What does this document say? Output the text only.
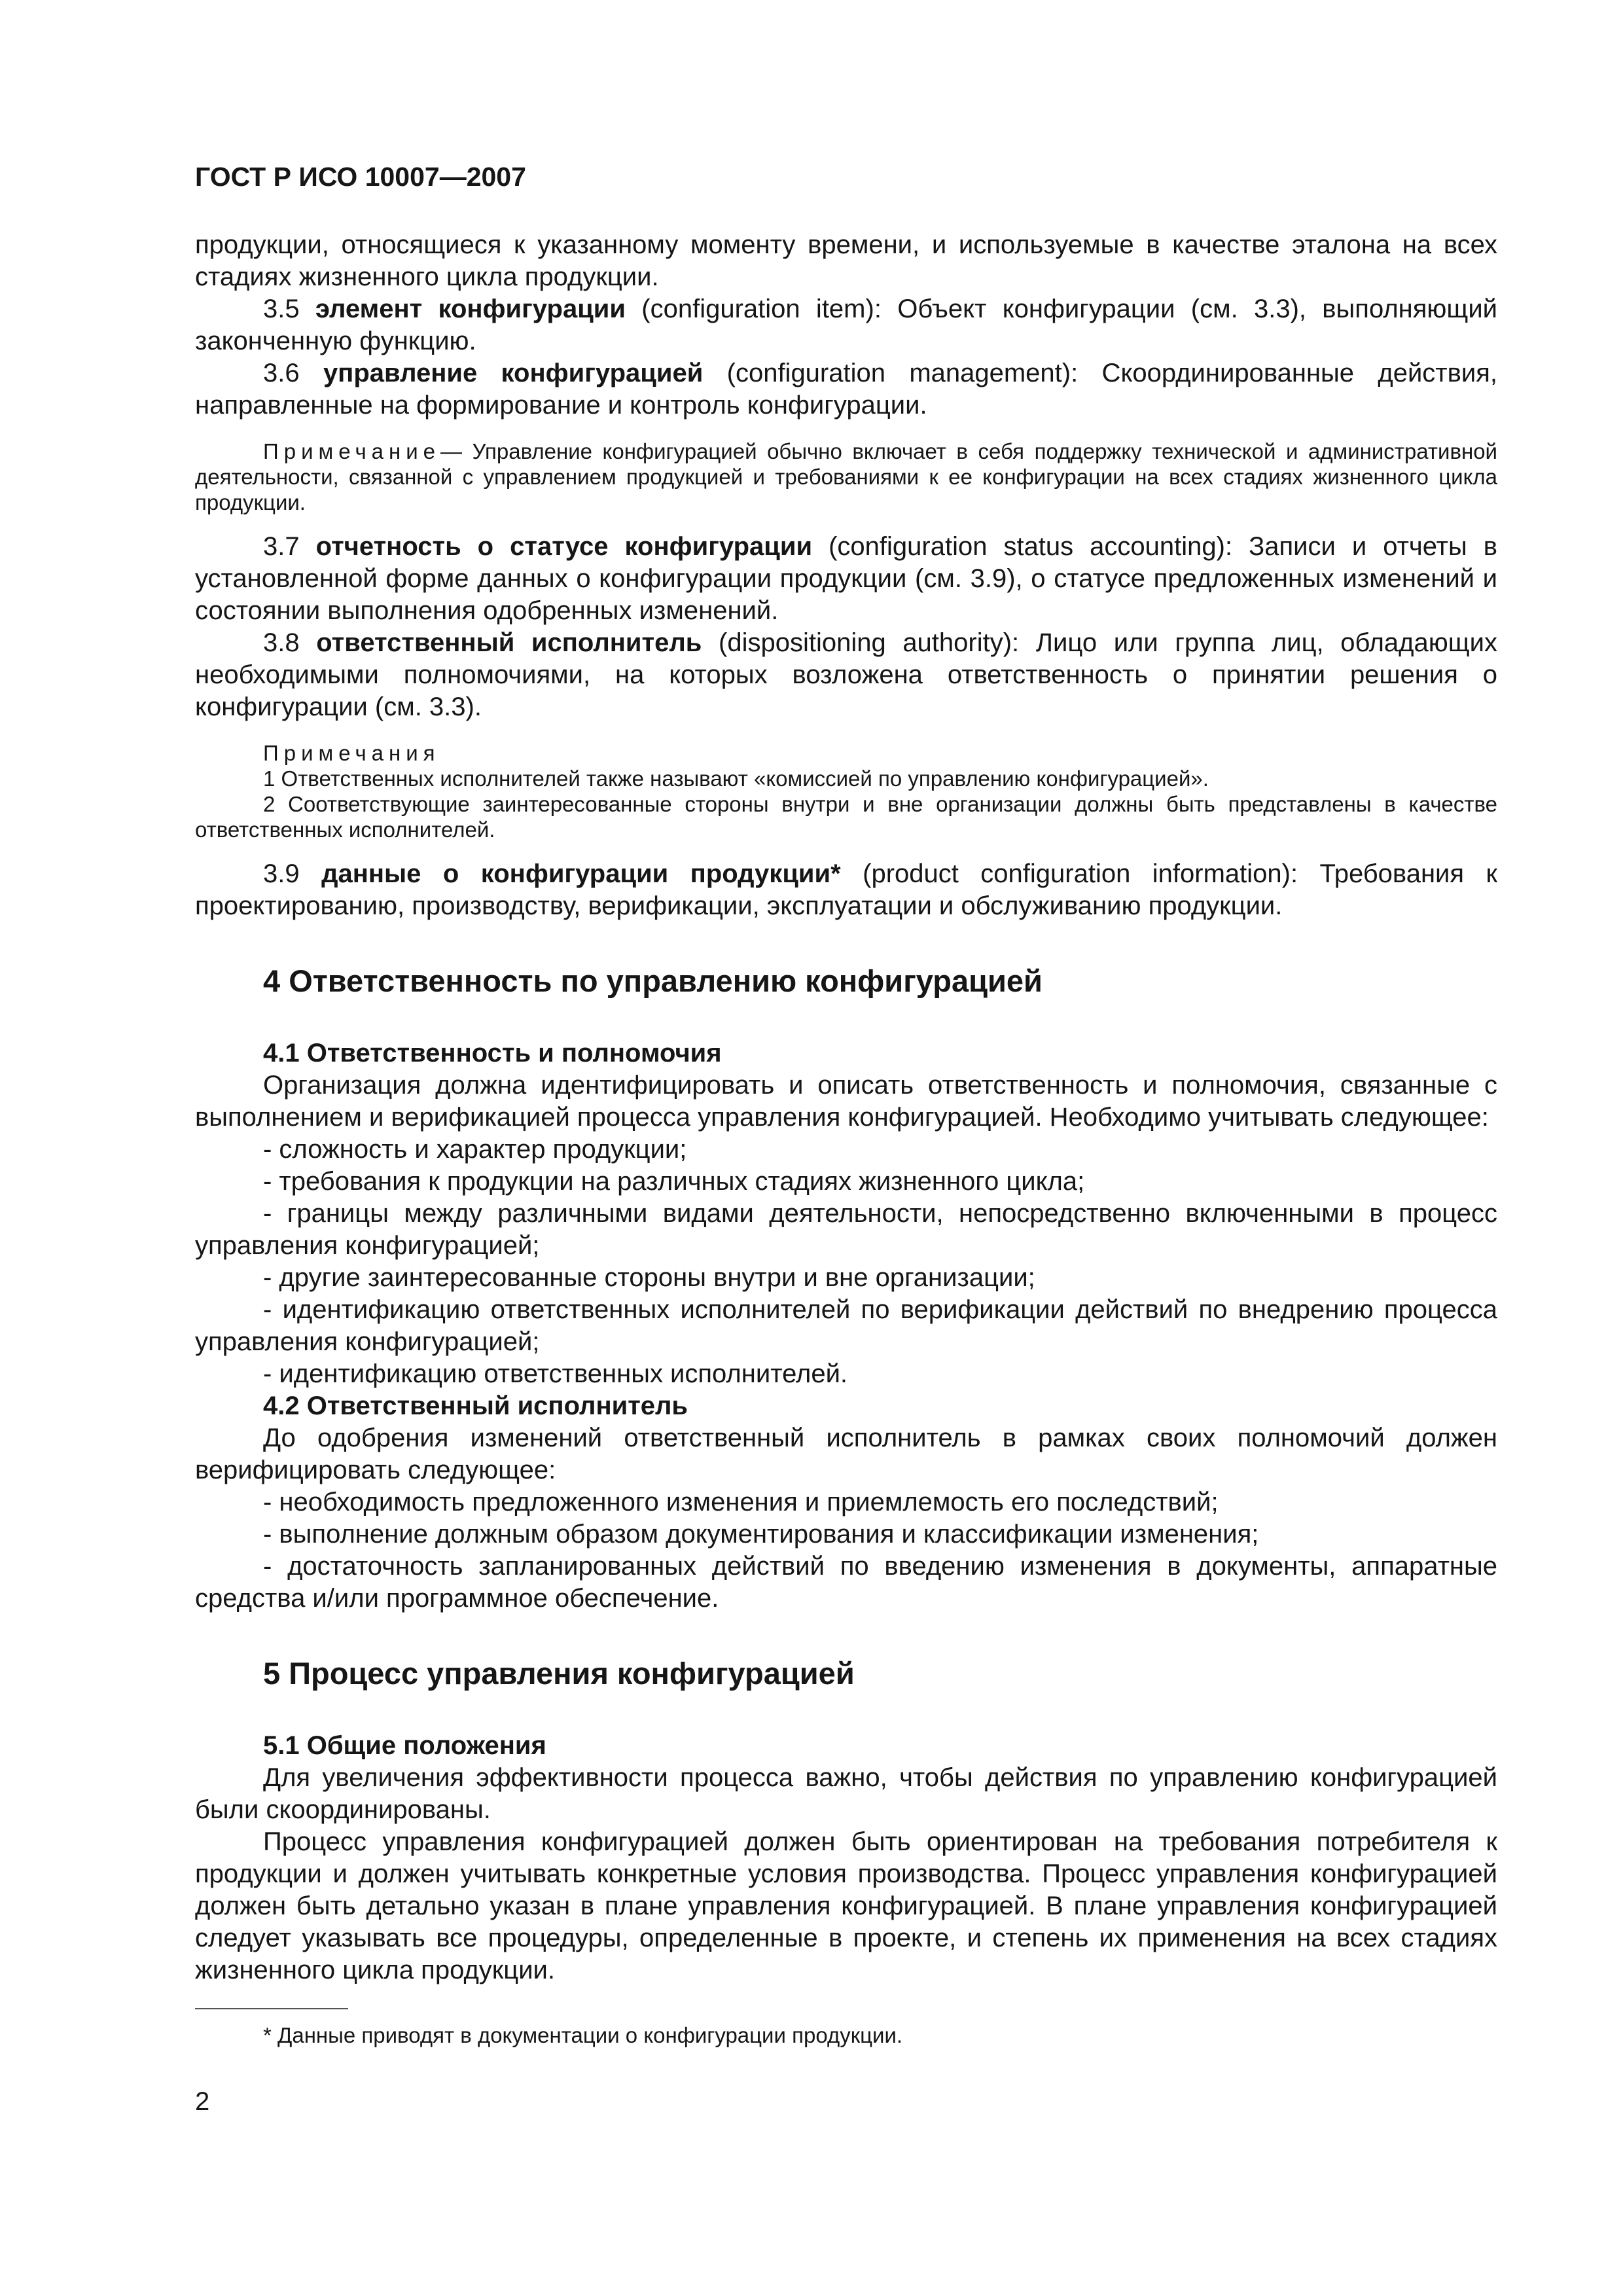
ГОСТ Р ИСО 10007—2007

продукции, относящиеся к указанному моменту времени, и используемые в качестве эталона на всех стадиях жизненного цикла продукции.

3.5 элемент конфигурации (configuration item): Объект конфигурации (см. 3.3), выполняющий законченную функцию.

3.6 управление конфигурацией (configuration management): Скоординированные действия, направленные на формирование и контроль конфигурации.

Примечание— Управление конфигурацией обычно включает в себя поддержку технической и административной деятельности, связанной с управлением продукцией и требованиями к ее конфигурации на всех стадиях жизненного цикла продукции.

3.7 отчетность о статусе конфигурации (configuration status accounting): Записи и отчеты в установленной форме данных о конфигурации продукции (см. 3.9), о статусе предложенных изменений и состоянии выполнения одобренных изменений.

3.8 ответственный исполнитель (dispositioning authority): Лицо или группа лиц, обладающих необходимыми полномочиями, на которых возложена ответственность о принятии решения о конфигурации (см. 3.3).

Примечания

1 Ответственных исполнителей также называют «комиссией по управлению конфигурацией».

2 Соответствующие заинтересованные стороны внутри и вне организации должны быть представлены в качестве ответственных исполнителей.

3.9 данные о конфигурации продукции* (product configuration information): Требования к проектированию, производству, верификации, эксплуатации и обслуживанию продукции.

4 Ответственность по управлению конфигурацией
4.1 Ответственность и полномочия

Организация должна идентифицировать и описать ответственность и полномочия, связанные с выполнением и верификацией процесса управления конфигурацией. Необходимо учитывать следующее:

- сложность и характер продукции;

- требования к продукции на различных стадиях жизненного цикла;

- границы между различными видами деятельности, непосредственно включенными в процесс управления конфигурацией;

- другие заинтересованные стороны внутри и вне организации;

- идентификацию ответственных исполнителей по верификации действий по внедрению процесса управления конфигурацией;

- идентификацию ответственных исполнителей.

4.2 Ответственный исполнитель

До одобрения изменений ответственный исполнитель в рамках своих полномочий должен верифицировать следующее:

- необходимость предложенного изменения и приемлемость его последствий;

- выполнение должным образом документирования и классификации изменения;

- достаточность запланированных действий по введению изменения в документы, аппаратные средства и/или программное обеспечение.

5 Процесс управления конфигурацией
5.1 Общие положения

Для увеличения эффективности процесса важно, чтобы действия по управлению конфигурацией были скоординированы.

Процесс управления конфигурацией должен быть ориентирован на требования потребителя к продукции и должен учитывать конкретные условия производства. Процесс управления конфигурацией должен быть детально указан в плане управления конфигурацией. В плане управления конфигурацией следует указывать все процедуры, определенные в проекте, и степень их применения на всех стадиях жизненного цикла продукции.

* Данные приводят в документации о конфигурации продукции.
2
